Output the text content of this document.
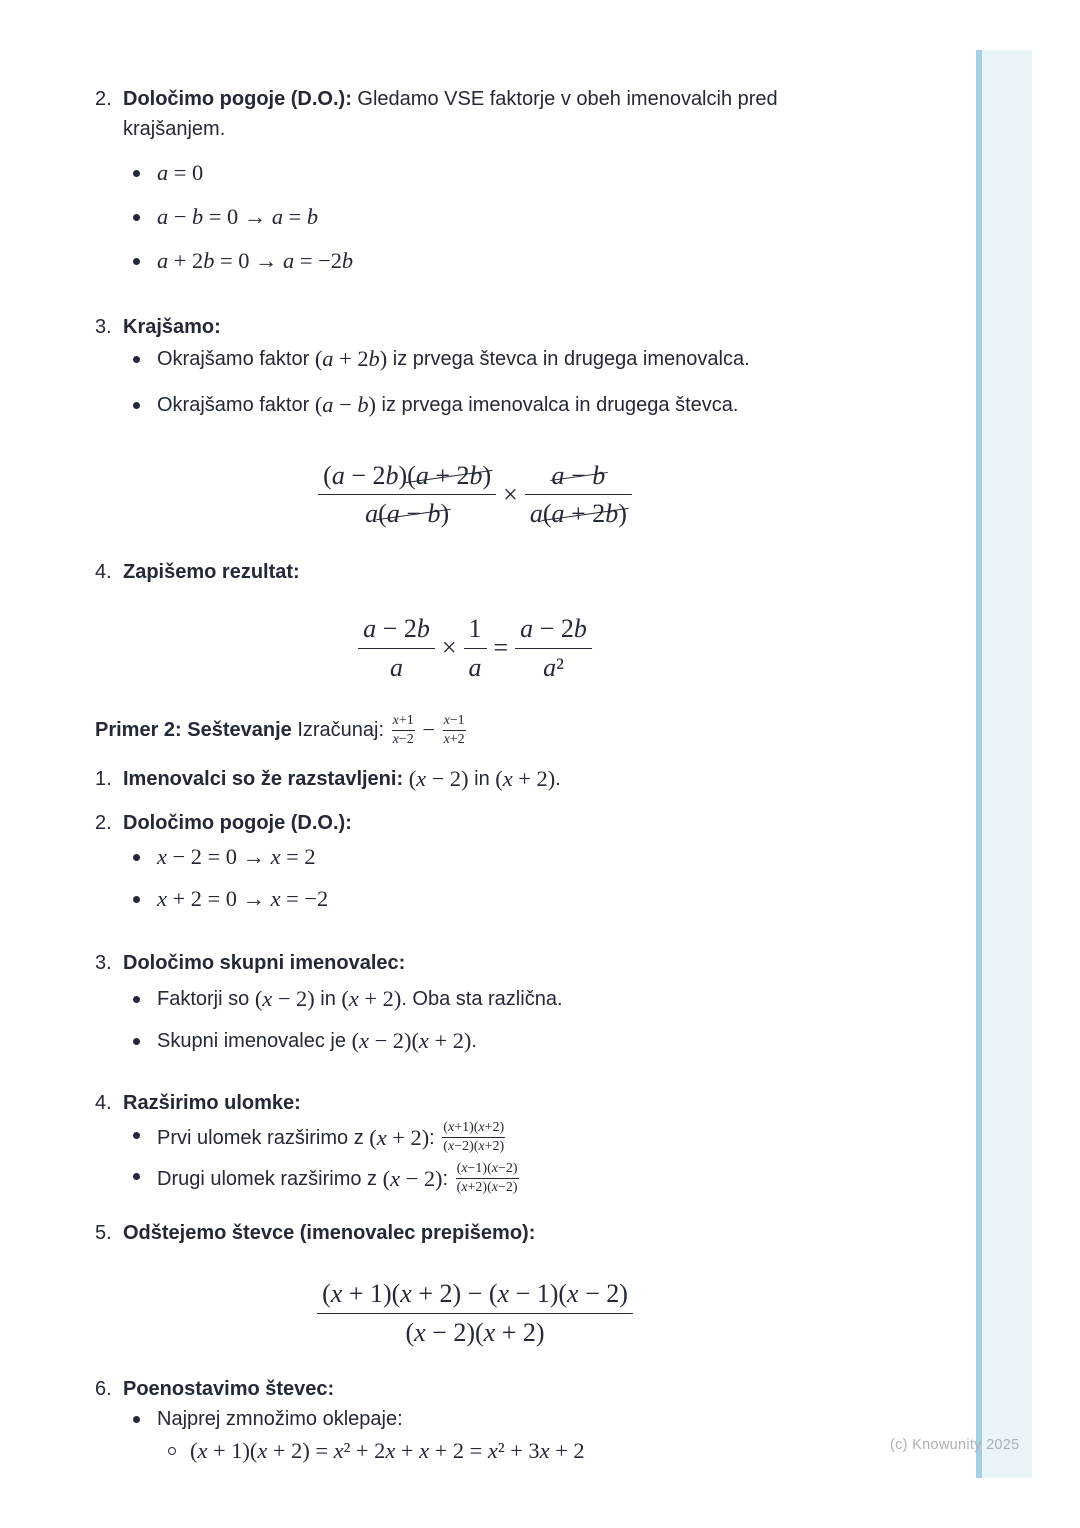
(c) Knowunity 2025
2. Določimo pogoje (D.O.): Gledamo VSE faktorje v obeh imenovalcih pred krajšanjem.

a = 0
a − b = 0 → a = b
a + 2b = 0 → a = −2b
3. Krajšamo:

Okrajšamo faktor (a + 2b) iz prvega števca in drugega imenovalca.
Okrajšamo faktor (a − b) iz prvega imenovalca in drugega števca.
$\frac{(a - 2b)(a + 2b)}{a(a - b)} \times \frac{a - b}{a(a + 2b)}$
4. Zapišemo rezultat:

$\frac{a - 2b}{a} \times \frac{1}{a} = \frac{a - 2b}{\text{a²}}$

Primer 2: Seštevanje Izračunaj: x+1
$x-2 - \frac{x-1}{x+2}$

1. Imenovalci so že razstavljeni:
(x − 2) in (x + 2) .

2. Določimo pogoje (D.O.):

x − 2 = 0 → x = 2
x + 2 = 0 → x = −2
3. Določimo skupni imenovalec:

Faktorji so (x − 2) in (x + 2) . Oba sta različna.
Skupni imenovalec je (x − 2)(x + 2) .
4. Razširimo ulomke:

Prvi ulomek razširimo z (x + 2) : (x+1)(x+2)
(x−2)(x+2)
Drugi ulomek razširimo z (x − 2) : (x−1)(x−2)
(x+2)(x−2)
5. Odštejemo števce (imenovalec prepišemo):

$\frac{(x + 1)(x + 2) - (x - 1)(x - 2)}{(x - 2)(x + 2)}$
6. Poenostavimo števec:

Najprej zmnožimo oklepaje:
(x + 1)(x + 2) = x² + 2x + x + 2 = x² + 3x + 2
